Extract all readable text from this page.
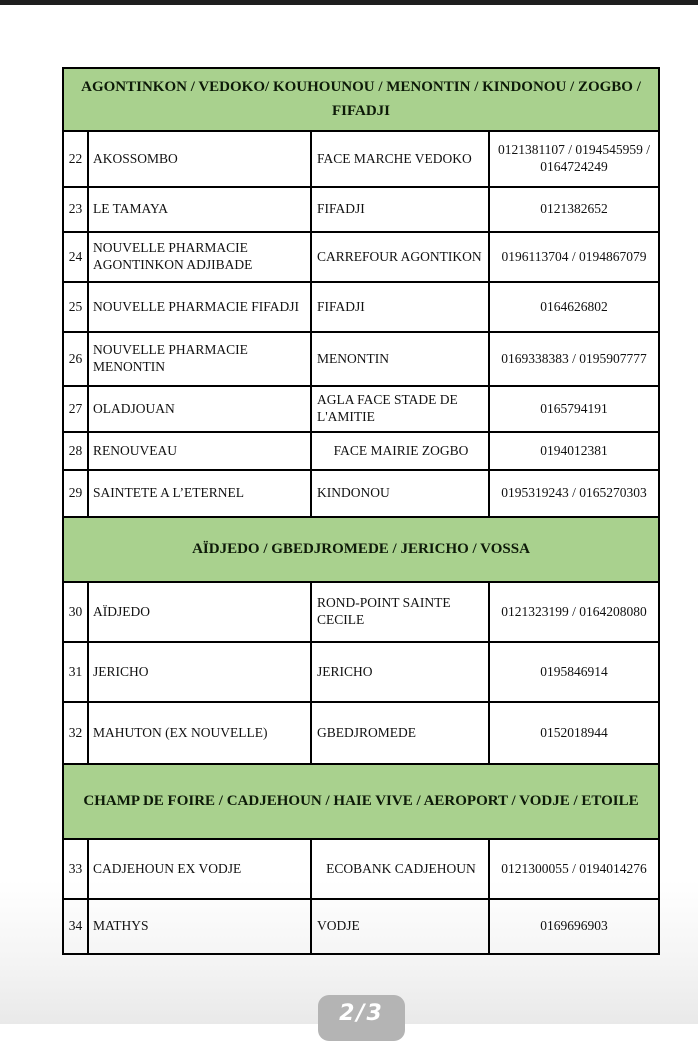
AGONTINKON / VEDOKO/ KOUHOUNOU / MENONTIN / KINDONOU / ZOGBO / FIFADJI			
22	AKOSSOMBO	FACE MARCHE VEDOKO	0121381107 / 0194545959 / 0164724249
23	LE TAMAYA	FIFADJI	0121382652
24	NOUVELLE PHARMACIE AGONTINKON ADJIBADE	CARREFOUR AGONTIKON	0196113704 / 0194867079
25	NOUVELLE PHARMACIE FIFADJI	FIFADJI	0164626802
26	NOUVELLE PHARMACIE MENONTIN	MENONTIN	0169338383 / 0195907777
27	OLADJOUAN	AGLA FACE STADE DE L'AMITIE	0165794191
28	RENOUVEAU	FACE MAIRIE ZOGBO	0194012381
29	SAINTETE A L’ETERNEL	KINDONOU	0195319243 / 0165270303
AÏDJEDO / GBEDJROMEDE / JERICHO / VOSSA			
30	AÏDJEDO	ROND-POINT SAINTE CECILE	0121323199 / 0164208080
31	JERICHO	JERICHO	0195846914
32	MAHUTON (EX NOUVELLE)	GBEDJROMEDE	0152018944
CHAMP DE FOIRE / CADJEHOUN / HAIE VIVE / AEROPORT / VODJE / ETOILE			
33	CADJEHOUN EX VODJE	ECOBANK CADJEHOUN	0121300055 / 0194014276
34	MATHYS	VODJE	0169696903
2/3
